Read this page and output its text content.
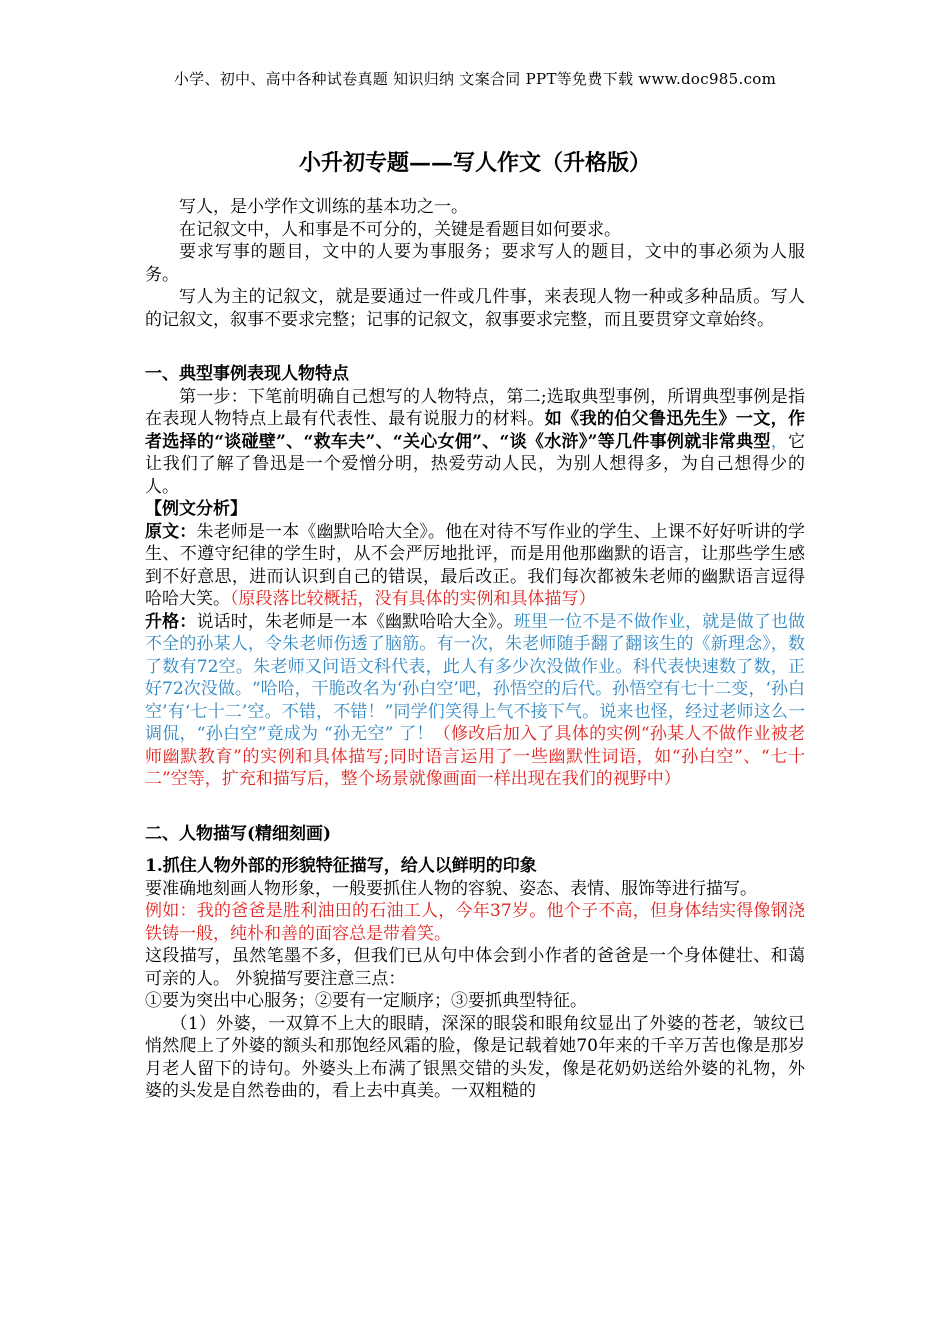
小学、初中、高中各种试卷真题 知识归纳 文案合同 PPT等免费下载 www.doc985.com
小升初专题——写人作文（升格版）

写人，是小学作文训练的基本功之一。

在记叙文中，人和事是不可分的，关键是看题目如何要求。

要求写事的题目，文中的人要为事服务；要求写人的题目，文中的事必须为人服务。

写人为主的记叙文，就是要通过一件或几件事，来表现人物一种或多种品质。写人的记叙文，叙事不要求完整；记事的记叙文，叙事要求完整，而且要贯穿文章始终。

一、典型事例表现人物特点

第一步：下笔前明确自己想写的人物特点，第二;选取典型事例，所谓典型事例是指在表现人物特点上最有代表性、最有说服力的材料。如《我的伯父鲁迅先生》一文，作者选择的“谈碰壁”、“救车夫”、“关心女佣”、“谈《水浒》”等几件事例就非常典型，它让我们了解了鲁迅是一个爱憎分明，热爱劳动人民，为别人想得多，为自己想得少的人。

【例文分析】

原文：朱老师是一本《幽默哈哈大全》。他在对待不写作业的学生、上课不好好听讲的学生、不遵守纪律的学生时，从不会严厉地批评，而是用他那幽默的语言，让那些学生感到不好意思，进而认识到自己的错误，最后改正。我们每次都被朱老师的幽默语言逗得哈哈大笑。（原段落比较概括，没有具体的实例和具体描写）

升格：说话时，朱老师是一本《幽默哈哈大全》。班里一位不是不做作业，就是做了也做不全的孙某人，令朱老师伤透了脑筋。有一次，朱老师随手翻了翻该生的《新理念》，数了数有72空。朱老师又问语文科代表，此人有多少次没做作业。科代表快速数了数，正好72次没做。“哈哈，干脆改名为‘孙白空’吧，孙悟空的后代。孙悟空有七十二变，‘孙白空’有‘七十二’空。不错，不错！”同学们笑得上气不接下气。说来也怪，经过老师这么一调侃，“孙白空”竟成为 “孙无空” 了！（修改后加入了具体的实例“孙某人不做作业被老师幽默教育”的实例和具体描写;同时语言运用了一些幽默性词语，如“孙白空”、“七十二”空等，扩充和描写后，整个场景就像画面一样出现在我们的视野中）

二、人物描写(精细刻画)

1.抓住人物外部的形貌特征描写，给人以鲜明的印象

要准确地刻画人物形象，一般要抓住人物的容貌、姿态、表情、服饰等进行描写。

例如：我的爸爸是胜利油田的石油工人，今年37岁。他个子不高，但身体结实得像钢浇铁铸一般，纯朴和善的面容总是带着笑。

这段描写，虽然笔墨不多，但我们已从句中体会到小作者的爸爸是一个身体健壮、和蔼可亲的人。 外貌描写要注意三点：

①要为突出中心服务；②要有一定顺序；③要抓典型特征。

（1）外婆，一双算不上大的眼睛，深深的眼袋和眼角纹显出了外婆的苍老，皱纹已悄然爬上了外婆的额头和那饱经风霜的脸，像是记载着她70年来的千辛万苦也像是那岁月老人留下的诗句。外婆头上布满了银黑交错的头发，像是花奶奶送给外婆的礼物，外婆的头发是自然卷曲的，看上去中真美。一双粗糙的
